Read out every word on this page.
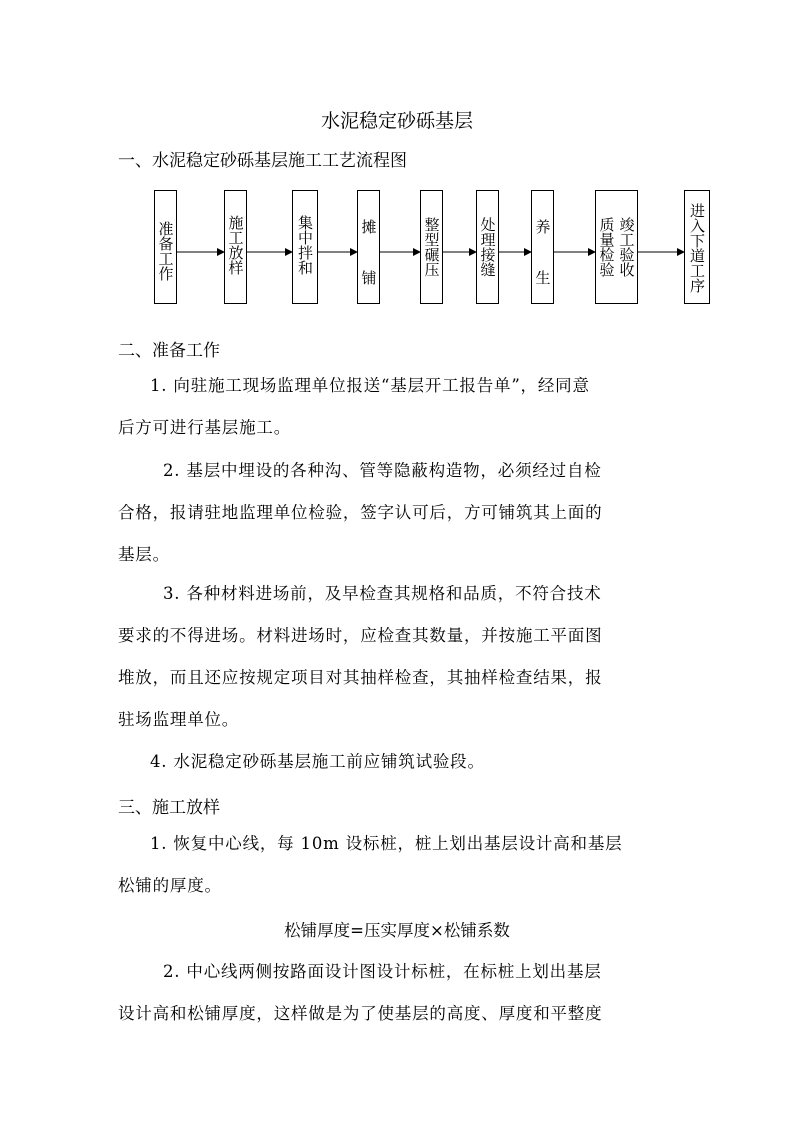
水泥稳定砂砾基层
一、水泥稳定砂砾基层施工工艺流程图
准备工作	施工放样	集中拌和	摊  铺	整型碾压	处理接缝 养  生	竣工验收
质量检验	进入下道工序
二、准备工作
1. 向驻施工现场监理单位报送“基层开工报告单”，经同意
后方可进行基层施工。
2. 基层中埋设的各种沟、管等隐蔽构造物，必须经过自检
合格，报请驻地监理单位检验，签字认可后，方可铺筑其上面的
基层。
3. 各种材料进场前，及早检查其规格和品质，不符合技术
要求的不得进场。材料进场时，应检查其数量，并按施工平面图
堆放，而且还应按规定项目对其抽样检查，其抽样检查结果，报
驻场监理单位。
4. 水泥稳定砂砾基层施工前应铺筑试验段。
三、施工放样
1. 恢复中心线，每 10m 设标桩，桩上划出基层设计高和基层
松铺的厚度。
松铺厚度=压实厚度×松铺系数
2. 中心线两侧按路面设计图设计标桩，在标桩上划出基层
设计高和松铺厚度，这样做是为了使基层的高度、厚度和平整度
